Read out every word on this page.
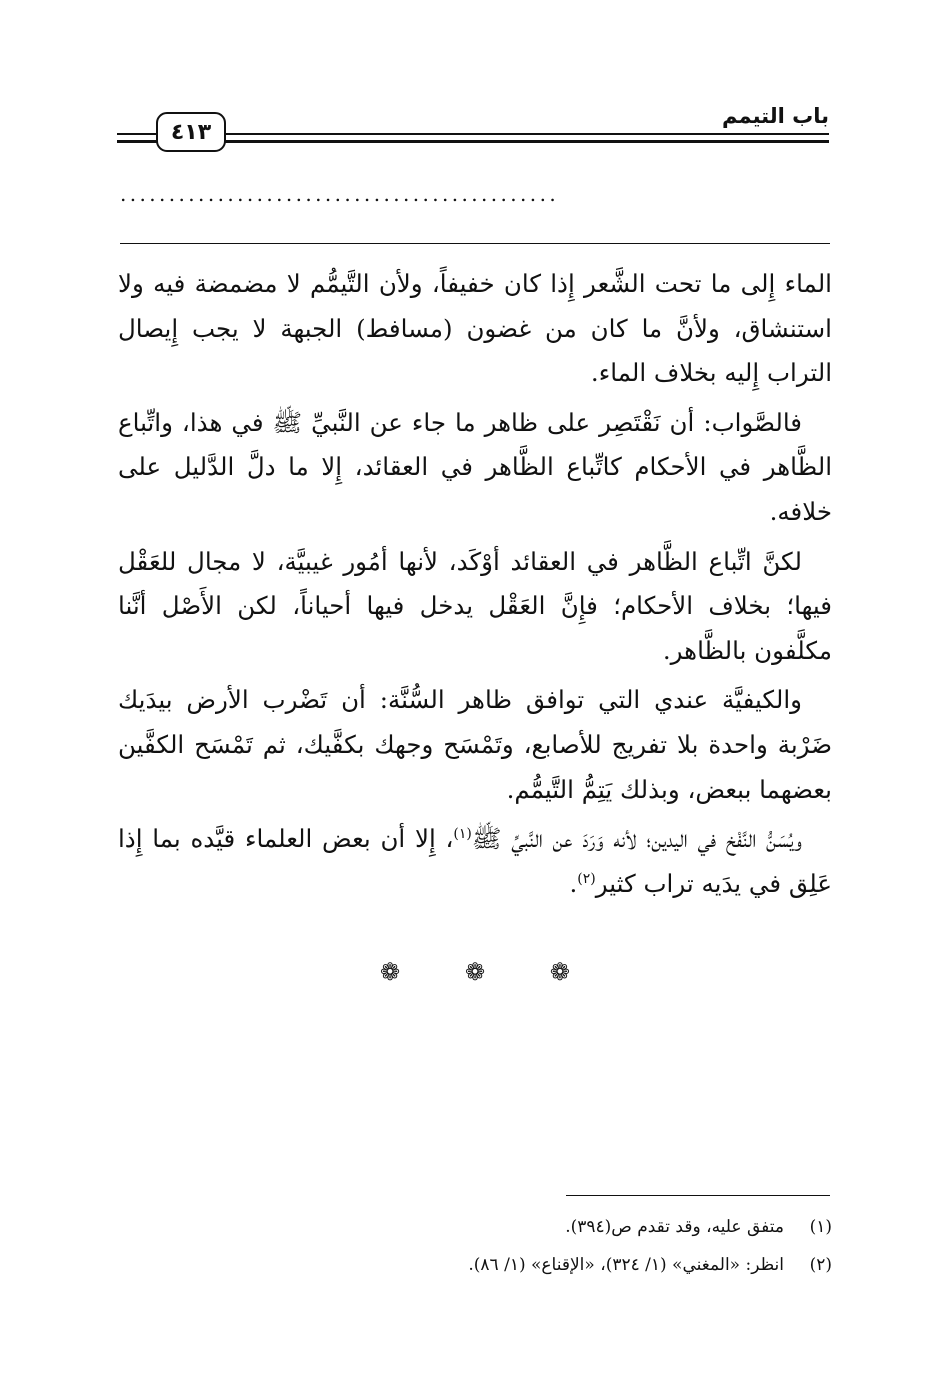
باب التيمم
٤١٣
.............................................

الماء إِلى ما تحت الشَّعر إِذا كان خفيفاً، ولأن التَّيمُّم لا مضمضة فيه ولا استنشاق، ولأنَّ ما كان من غضون (مسافط) الجبهة لا يجب إِيصال التراب إِليه بخلاف الماء.

فالصَّواب: أن نَقْتَصِر على ظاهر ما جاء عن النَّبيِّ ﷺ في هذا، واتِّباع الظَّاهر في الأحكام كاتِّباع الظَّاهر في العقائد، إِلا ما دلَّ الدَّليل على خلافه.

لكنَّ اتِّباع الظَّاهر في العقائد أوْكَد، لأنها أمُور غيبيَّة، لا مجال للعَقْل فيها؛ بخلاف الأحكام؛ فإِنَّ العَقْل يدخل فيها أحياناً، لكن الأَصْل أنَّنا مكلَّفون بالظَّاهر.

والكيفيَّة عندي التي توافق ظاهر السُّنَّة: أن تَضْرب الأرض بيدَيك ضَرْبة واحدة بلا تفريج للأصابع، وتَمْسَح وجهك بكفَّيك، ثم تَمْسَح الكفَّين بعضهما ببعض، وبذلك يَتِمُّ التَّيمُّم.

ويُسَنُّ النَّفْخ في اليدين؛ لأنه وَرَدَ عن النَّبيِّ ﷺ$^{(١)}$، إِلا أن بعض العلماء قيَّده بما إِذا عَلِق في يدَيه تراب كثير$^{(٢)}$.

❁
❁
❁
(١)
متفق عليه، وقد تقدم ص(٣٩٤).
(٢)
انظر: «المغني» (١/ ٣٢٤)، «الإقناع» (١/ ٨٦).
